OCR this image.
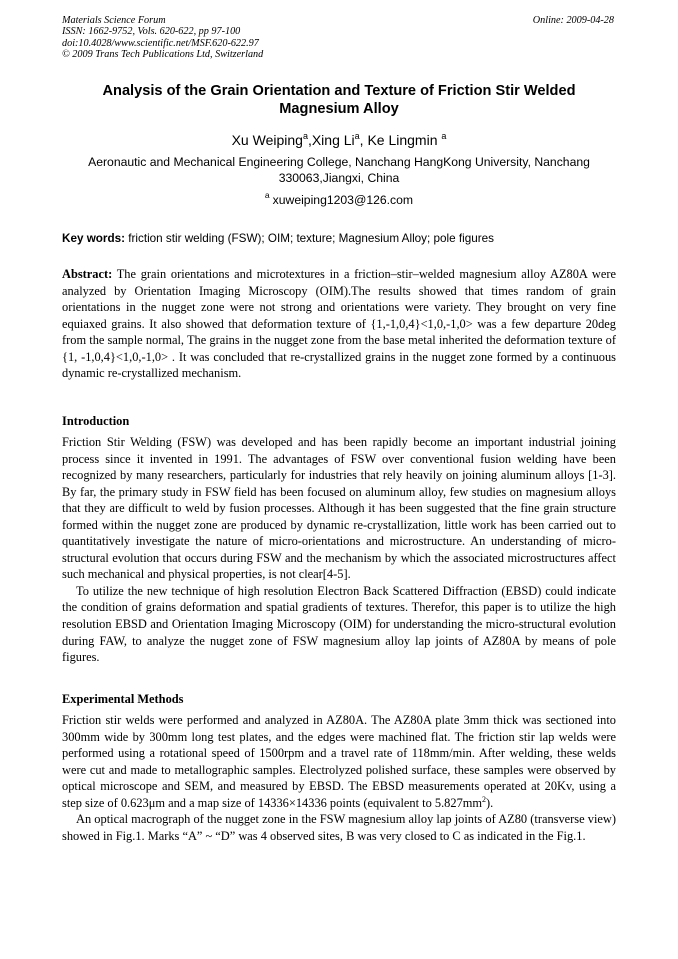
Materials Science Forum
ISSN: 1662-9752, Vols. 620-622, pp 97-100
doi:10.4028/www.scientific.net/MSF.620-622.97
© 2009 Trans Tech Publications Ltd, Switzerland
Online: 2009-04-28
Analysis of the Grain Orientation and Texture of Friction Stir Welded Magnesium Alloy
Xu Weiping$^a$,Xing Li$^a$, Ke Lingmin $^a$
Aeronautic and Mechanical Engineering College, Nanchang HangKong University, Nanchang 330063,Jiangxi, China
$^a$ xuweiping1203@126.com
Key words: friction stir welding (FSW); OIM; texture; Magnesium Alloy; pole figures

Abstract: The grain orientations and microtextures in a friction–stir–welded magnesium alloy AZ80A were analyzed by Orientation Imaging Microscopy (OIM).The results showed that times random of grain orientations in the nugget zone were not strong and orientations were variety. They brought on very fine equiaxed grains. It also showed that deformation texture of {1,-1,0,4}<1,0,-1,0> was a few departure 20deg from the sample normal, The grains in the nugget zone from the base metal inherited the deformation texture of {1, -1,0,4}<1,0,-1,0> . It was concluded that re-crystallized grains in the nugget zone formed by a continuous dynamic re-crystallized mechanism.

Introduction

Friction Stir Welding (FSW) was developed and has been rapidly become an important industrial joining process since it invented in 1991. The advantages of FSW over conventional fusion welding have been recognized by many researchers, particularly for industries that rely heavily on joining aluminum alloys [1-3]. By far, the primary study in FSW field has been focused on aluminum alloy, few studies on magnesium alloys that they are difficult to weld by fusion processes. Although it has been suggested that the fine grain structure formed within the nugget zone are produced by dynamic re-crystallization, little work has been carried out to quantitatively investigate the nature of micro-orientations and microstructure. An understanding of micro-structural evolution that occurs during FSW and the mechanism by which the associated microstructures affect such mechanical and physical properties, is not clear[4-5].

To utilize the new technique of high resolution Electron Back Scattered Diffraction (EBSD) could indicate the condition of grains deformation and spatial gradients of textures. Therefor, this paper is to utilize the high resolution EBSD and Orientation Imaging Microscopy (OIM) for understanding the micro-structural evolution during FAW, to analyze the nugget zone of FSW magnesium alloy lap joints of AZ80A by means of pole figures.

Experimental Methods

Friction stir welds were performed and analyzed in AZ80A. The AZ80A plate 3mm thick was sectioned into 300mm wide by 300mm long test plates, and the edges were machined flat. The friction stir lap welds were performed using a rotational speed of 1500rpm and a travel rate of 118mm/min. After welding, these welds were cut and made to metallographic samples. Electrolyzed polished surface, these samples were observed by optical microscope and SEM, and measured by EBSD. The EBSD measurements operated at 20Kv, using a step size of 0.623μm and a map size of 14336×14336 points (equivalent to $5.827mm^2$).

An optical macrograph of the nugget zone in the FSW magnesium alloy lap joints of AZ80 (transverse view) showed in Fig.1. Marks “A” ~ “D” was 4 observed sites, B was very closed to C as indicated in the Fig.1.
